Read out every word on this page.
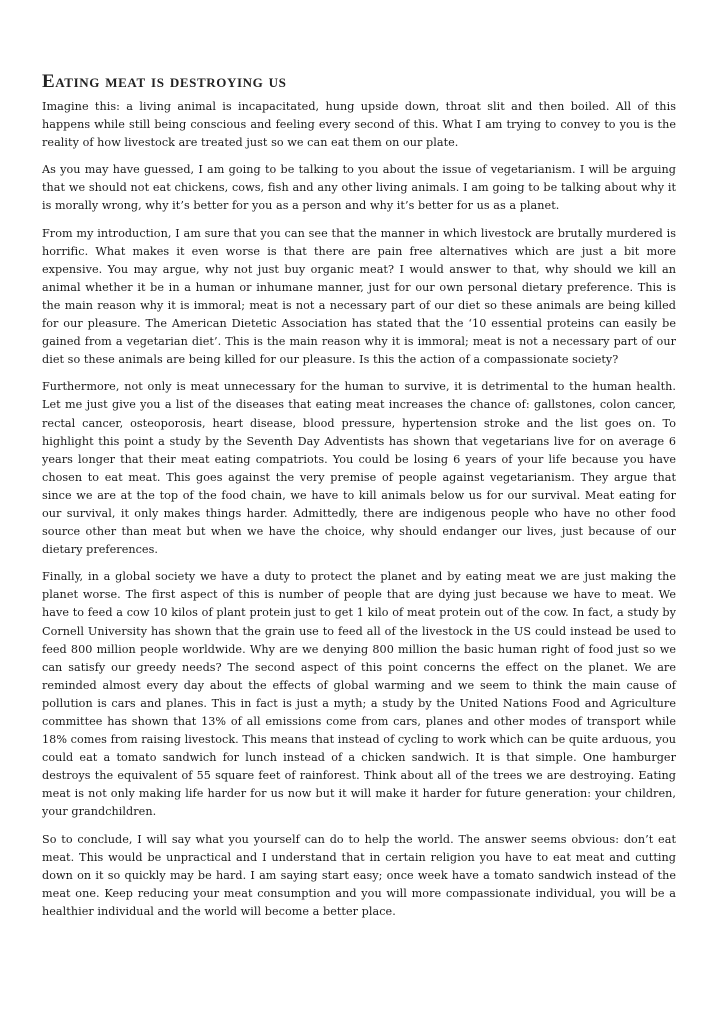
Eating meat is destroying us

Imagine this: a living animal is incapacitated, hung upside down, throat slit and then boiled. All of this happens while still being conscious and feeling every second of this. What I am trying to convey to you is the reality of how livestock are treated just so we can eat them on our plate.

As you may have guessed, I am going to be talking to you about the issue of vegetarianism. I will be arguing that we should not eat chickens, cows, fish and any other living animals. I am going to be talking about why it is morally wrong, why it’s better for you as a person and why it’s better for us as a planet.

From my introduction, I am sure that you can see that the manner in which livestock are brutally murdered is horrific. What makes it even worse is that there are pain free alternatives which are just a bit more expensive. You may argue, why not just buy organic meat? I would answer to that, why should we kill an animal whether it be in a human or inhumane manner, just for our own personal dietary preference. This is the main reason why it is immoral; meat is not a necessary part of our diet so these animals are being killed for our pleasure. The American Dietetic Association has stated that the ‘10 essential proteins can easily be gained from a vegetarian diet’. This is the main reason why it is immoral; meat is not a necessary part of our diet so these animals are being killed for our pleasure. Is this the action of a compassionate society?

Furthermore, not only is meat unnecessary for the human to survive, it is detrimental to the human health. Let me just give you a list of the diseases that eating meat increases the chance of: gallstones, colon cancer, rectal cancer, osteoporosis, heart disease, blood pressure, hypertension stroke and the list goes on. To highlight this point a study by the Seventh Day Adventists has shown that vegetarians live for on average 6 years longer that their meat eating compatriots. You could be losing 6 years of your life because you have chosen to eat meat. This goes against the very premise of people against vegetarianism. They argue that since we are at the top of the food chain, we have to kill animals below us for our survival. Meat eating for our survival, it only makes things harder. Admittedly, there are indigenous people who have no other food source other than meat but when we have the choice, why should endanger our lives, just because of our dietary preferences.

Finally, in a global society we have a duty to protect the planet and by eating meat we are just making the planet worse. The first aspect of this is number of people that are dying just because we have to meat. We have to feed a cow 10 kilos of plant protein just to get 1 kilo of meat protein out of the cow. In fact, a study by Cornell University has shown that the grain use to feed all of the livestock in the US could instead be used to feed 800 million people worldwide. Why are we denying 800 million the basic human right of food just so we can satisfy our greedy needs? The second aspect of this point concerns the effect on the planet. We are reminded almost every day about the effects of global warming and we seem to think the main cause of pollution is cars and planes. This in fact is just a myth; a study by the United Nations Food and Agriculture committee has shown that 13% of all emissions come from cars, planes and other modes of transport while 18% comes from raising livestock. This means that instead of cycling to work which can be quite arduous, you could eat a tomato sandwich for lunch instead of a chicken sandwich. It is that simple. One hamburger destroys the equivalent of 55 square feet of rainforest. Think about all of the trees we are destroying. Eating meat is not only making life harder for us now but it will make it harder for future generation: your children, your grandchildren.

So to conclude, I will say what you yourself can do to help the world. The answer seems obvious: don’t eat meat. This would be unpractical and I understand that in certain religion you have to eat meat and cutting down on it so quickly may be hard. I am saying start easy; once week have a tomato sandwich instead of the meat one. Keep reducing your meat consumption and you will more compassionate individual, you will be a healthier individual and the world will become a better place.
